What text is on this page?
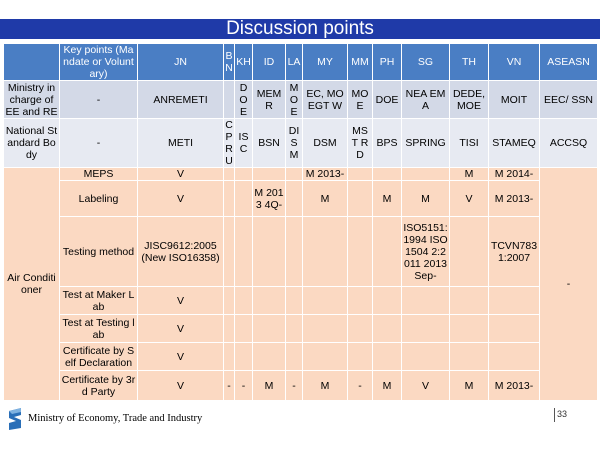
Discussion points
	Key points (Mandate or Voluntary)	JN	B N	KH	ID	LA	MY	MM	PH	SG	TH	VN	ASEASN
Ministry in charge of EE and RE	-	ANREMETI		DO E	MEMR	MO E	EC, MOEGT W	MOE	DOE	NEA EMA	DEDE, MOE	MOIT	EEC/ SSN
National Standard Body	-	METI	C P R U	IS C	BSN	DI SM	DSM	MST RD	BPS	SPRING	TISI	STAMEQ	ACCSQ
Air Conditioner	MEPS	V					M 2013-				M	M 2014-	-
	Labeling	V			M 2013 4Q-		M		M	M	V	M 2013-	
	Testing method	JISC9612:2005 (New ISO16358)								ISO5151: 1994 ISO1504 2:2011 2013Sep-		TCVN783 1:2007	
	Test at Maker Lab	V											
	Test at Testing lab	V											
	Certificate by Self Declaration	V											
	Certificate by 3rd Party	V	-	-	M	-	M	-	M	V	M	M 2013-	
Ministry of Economy, Trade and Industry	33
